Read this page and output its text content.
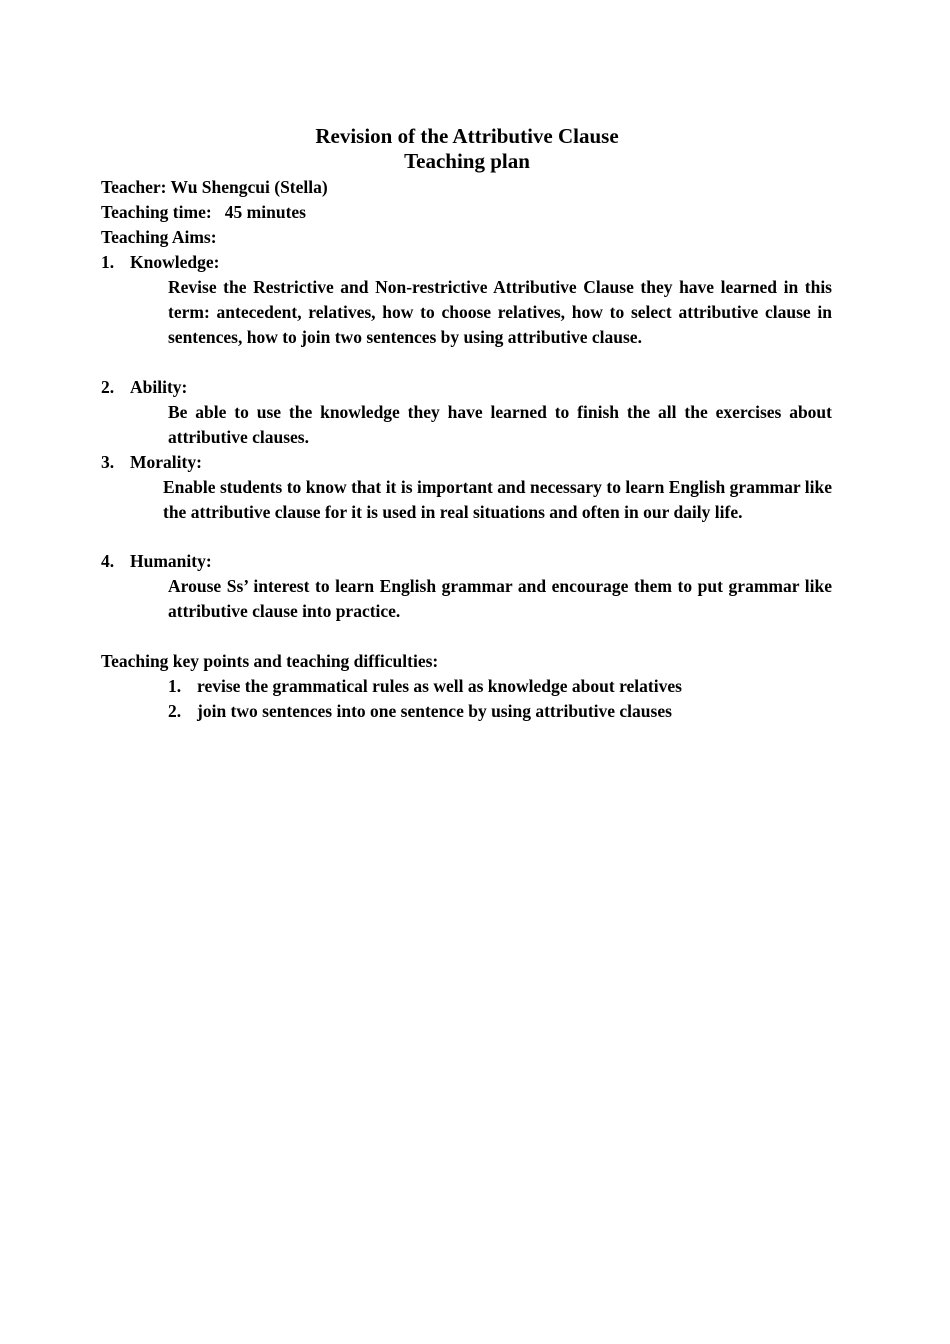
Revision of the Attributive Clause
Teaching plan
Teacher: Wu Shengcui (Stella)
Teaching time:   45 minutes
Teaching Aims:
1. Knowledge:
Revise the Restrictive and Non-restrictive Attributive Clause they have learned in this term: antecedent, relatives, how to choose relatives, how to select attributive clause in sentences, how to join two sentences by using attributive clause.
2. Ability:
Be able to use the knowledge they have learned to finish the all the exercises about attributive clauses.
3. Morality:
Enable students to know that it is important and necessary to learn English grammar like the attributive clause for it is used in real situations and often in our daily life.
4. Humanity:
Arouse Ss’ interest to learn English grammar and encourage them to put grammar like attributive clause into practice.
Teaching key points and teaching difficulties:
1. revise the grammatical rules as well as knowledge about relatives
2. join two sentences into one sentence by using attributive clauses
